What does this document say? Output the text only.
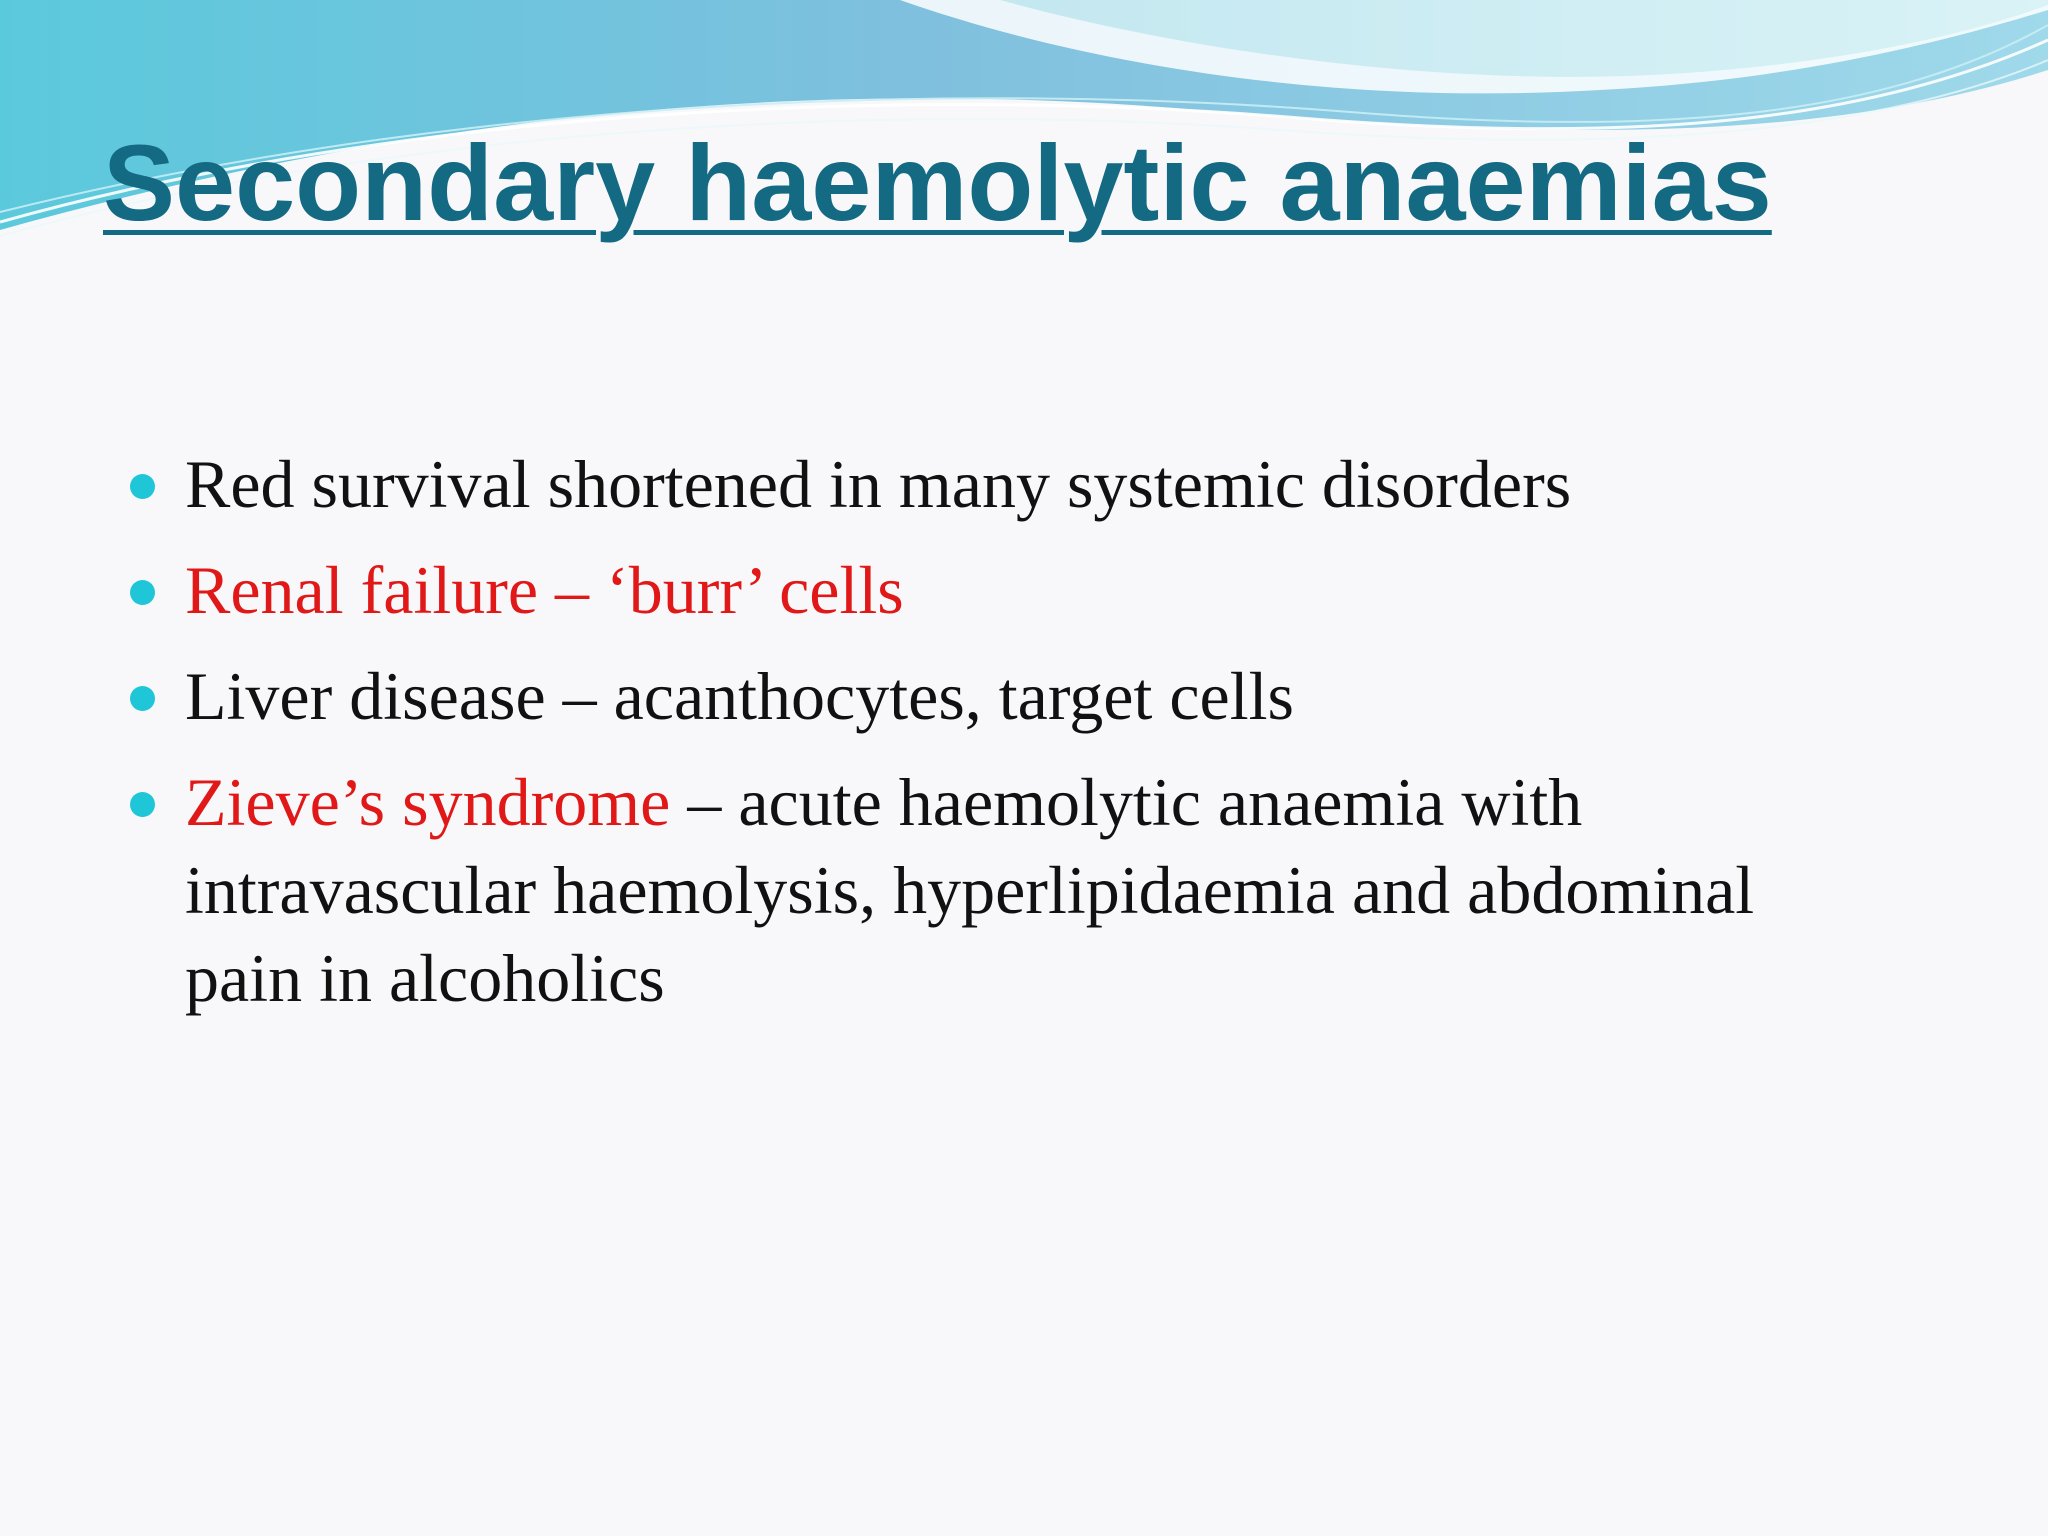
Secondary haemolytic anaemias
Red survival shortened in many systemic disorders
Renal failure – ‘burr’ cells
Liver disease – acanthocytes, target cells
Zieve’s syndrome – acute haemolytic anaemia with intravascular haemolysis, hyperlipidaemia and abdominal pain in alcoholics
